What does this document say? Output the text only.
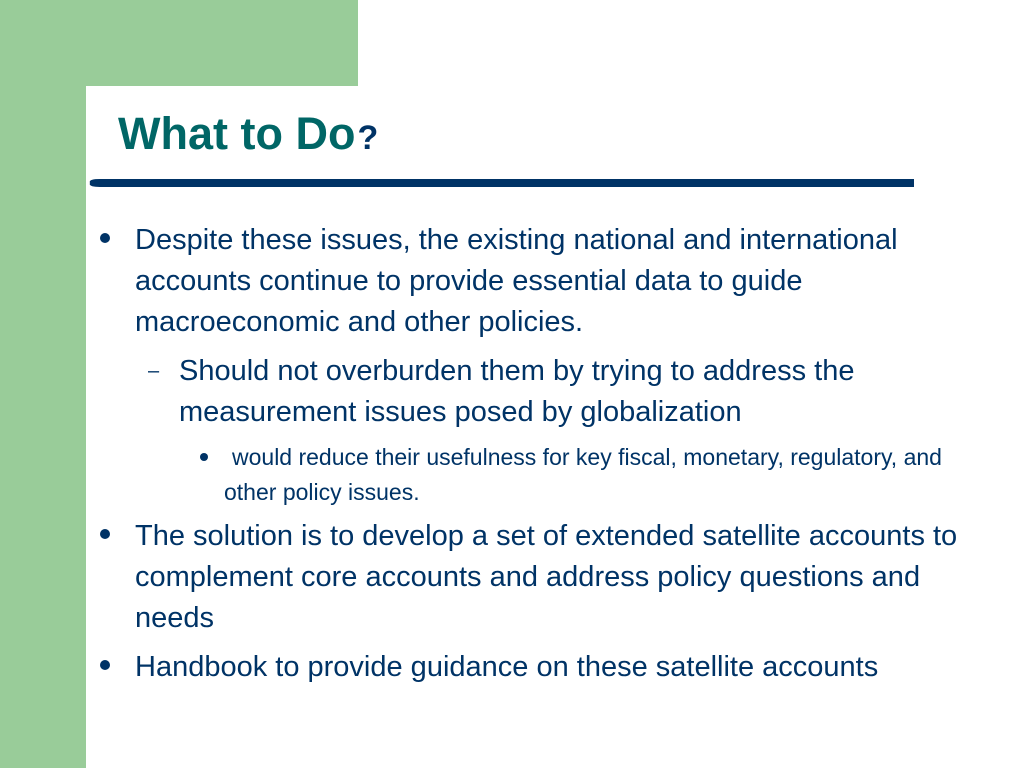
What to Do?
Despite these issues, the existing national and international accounts continue to provide essential data to guide macroeconomic and other policies.
– Should not overburden them by trying to address the measurement issues posed by globalization
would reduce their usefulness for key fiscal, monetary, regulatory, and other policy issues.
The solution is to develop a set of extended satellite accounts to complement core accounts and address policy questions and needs
Handbook to provide guidance on these satellite accounts
